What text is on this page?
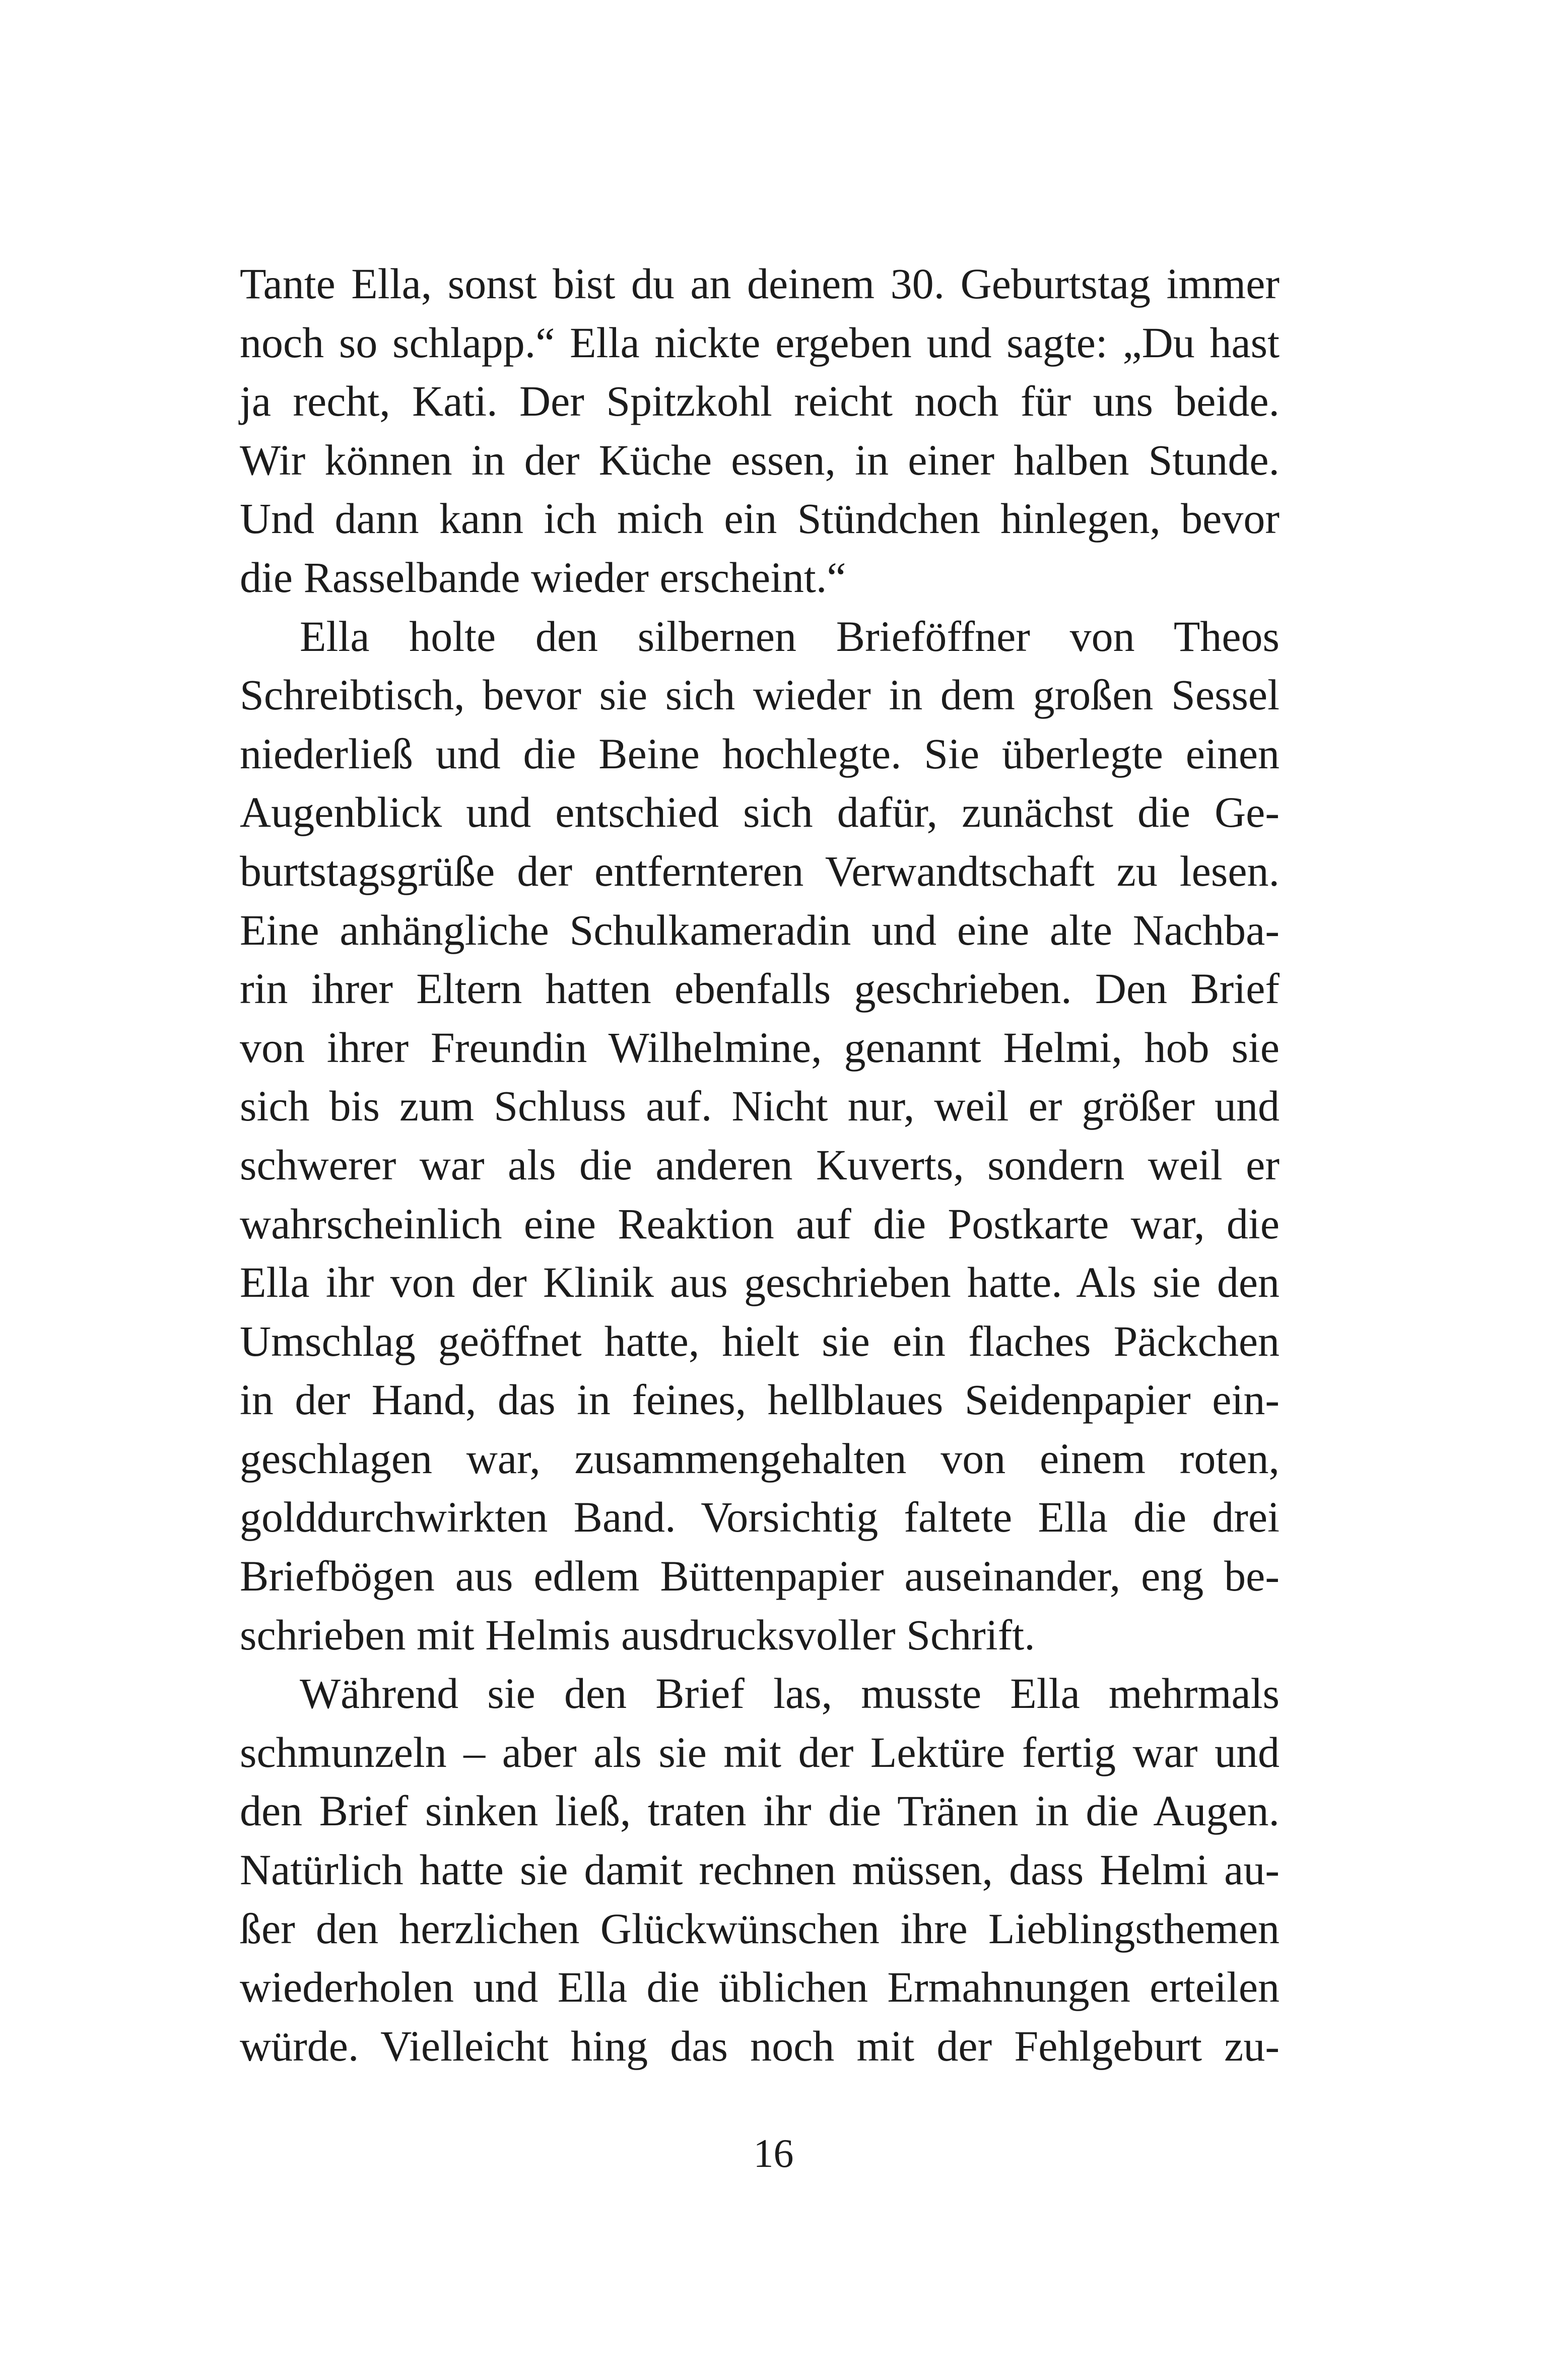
Tante Ella, sonst bist du an deinem 30. Geburtstag immer
noch so schlapp.“ Ella nickte ergeben und sagte: „Du hast
ja recht, Kati. Der Spitzkohl reicht noch für uns beide.
Wir können in der Küche essen, in einer halben Stunde.
Und dann kann ich mich ein Stündchen hinlegen, bevor
die Rasselbande wieder erscheint.“
Ella holte den silbernen Brieföffner von Theos
Schreibtisch, bevor sie sich wieder in dem großen Sessel
niederließ und die Beine hochlegte. Sie überlegte einen
Augenblick und entschied sich dafür, zunächst die Ge-
burtstagsgrüße der entfernteren Verwandtschaft zu lesen.
Eine anhängliche Schulkameradin und eine alte Nachba-
rin ihrer Eltern hatten ebenfalls geschrieben. Den Brief
von ihrer Freundin Wilhelmine, genannt Helmi, hob sie
sich bis zum Schluss auf. Nicht nur, weil er größer und
schwerer war als die anderen Kuverts, sondern weil er
wahrscheinlich eine Reaktion auf die Postkarte war, die
Ella ihr von der Klinik aus geschrieben hatte. Als sie den
Umschlag geöffnet hatte, hielt sie ein flaches Päckchen
in der Hand, das in feines, hellblaues Seidenpapier ein-
geschlagen war, zusammengehalten von einem roten,
golddurchwirkten Band. Vorsichtig faltete Ella die drei
Briefbögen aus edlem Büttenpapier auseinander, eng be-
schrieben mit Helmis ausdrucksvoller Schrift.
Während sie den Brief las, musste Ella mehrmals
schmunzeln – aber als sie mit der Lektüre fertig war und
den Brief sinken ließ, traten ihr die Tränen in die Augen.
Natürlich hatte sie damit rechnen müssen, dass Helmi au-
ßer den herzlichen Glückwünschen ihre Lieblingsthemen
wiederholen und Ella die üblichen Ermahnungen erteilen
würde. Vielleicht hing das noch mit der Fehlgeburt zu-
16
